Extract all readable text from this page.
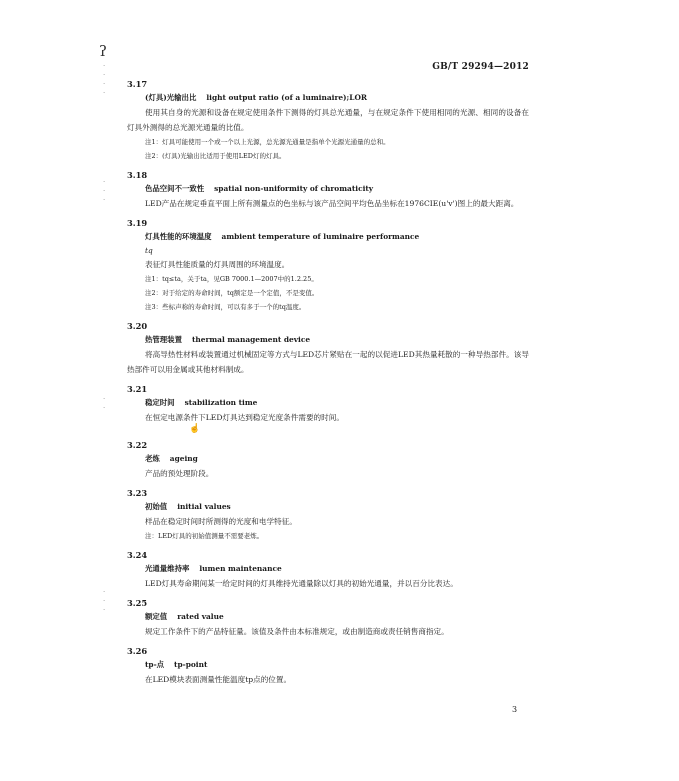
ʔ
GB/T 29294—2012
·
·
·
·
·
·
·
·
·
·
·
·
3.17
(灯具)光输出比 light output ratio (of a luminaire);LOR
使用其自身的光源和设备在规定使用条件下测得的灯具总光通量，与在规定条件下使用相同的光源、相同的设备在灯具外测得的总光源光通量的比值。
注1：灯具可能使用一个或一个以上光源，总光源光通量是指单个光源光通量的总和。
注2：(灯具)光输出比适用于使用LED灯的灯具。
3.18
色品空间不一致性 spatial non-uniformity of chromaticity
LED产品在规定垂直平面上所有测量点的色坐标与该产品空间平均色品坐标在1976CIE(u'v')图上的最大距离。
3.19
灯具性能的环境温度 ambient temperature of luminaire performance
tq
表征灯具性能质量的灯具周围的环境温度。
注1：tq≤ta，关于ta，见GB 7000.1—2007中的1.2.25。
注2：对于给定的寿命时间，tq额定是一个定值，不是变值。
注3：些标声称的寿命时间，可以有多于一个的tq温度。
3.20
热管理装置 thermal management device
将高导热性材料或装置通过机械固定等方式与LED芯片紧贴在一起的以促进LED其热量耗散的一种导热部件。该导热部件可以用金属或其他材料制成。
3.21
稳定时间 stabilization time
在恒定电源条件下LED灯具达到稳定光度条件需要的时间。
☝
3.22
老炼 ageing
产品的预处理阶段。
3.23
初始值 initial values
样品在稳定时间时所测得的光度和电学特征。
注：LED灯具的初始值测量不需要老炼。
3.24
光通量维持率 lumen maintenance
LED灯具寿命期间某一给定时间的灯具维持光通量除以灯具的初始光通量，并以百分比表达。
3.25
额定值 rated value
规定工作条件下的产品特征量。该值及条件由本标准规定，或由制造商或责任销售商指定。
3.26
tp-点 tp-point
在LED模块表面测量性能温度tp点的位置。
3
